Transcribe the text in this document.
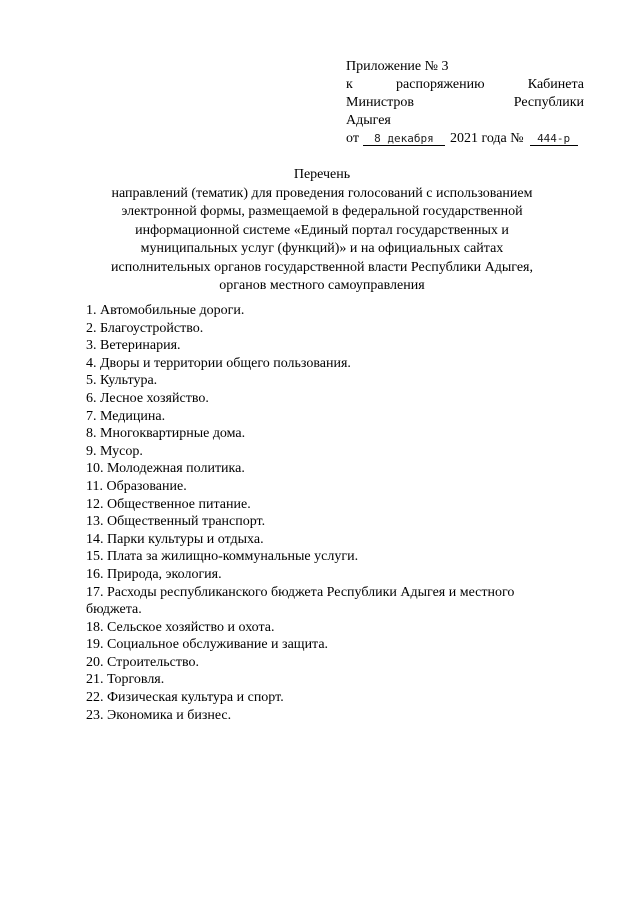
Приложение № 3
к	распоряжению	Кабинета
Министров	Республики
Адыгея
от	8 декабря	2021 года №	444-р
Перечень
направлений (тематик) для проведения голосований с использованием
электронной формы, размещаемой в федеральной государственной
информационной системе «Единый портал государственных и
муниципальных услуг (функций)» и на официальных сайтах
исполнительных органов государственной власти Республики Адыгея,
органов местного самоуправления
1. Автомобильные дороги.
2. Благоустройство.
3. Ветеринария.
4. Дворы и территории общего пользования.
5. Культура.
6. Лесное хозяйство.
7. Медицина.
8. Многоквартирные дома.
9. Мусор.
10. Молодежная политика.
11. Образование.
12. Общественное питание.
13. Общественный транспорт.
14. Парки культуры и отдыха.
15. Плата за жилищно-коммунальные услуги.
16. Природа, экология.
17. Расходы республиканского бюджета Республики Адыгея и местного
бюджета.
18. Сельское хозяйство и охота.
19. Социальное обслуживание и защита.
20. Строительство.
21. Торговля.
22. Физическая культура и спорт.
23. Экономика и бизнес.
